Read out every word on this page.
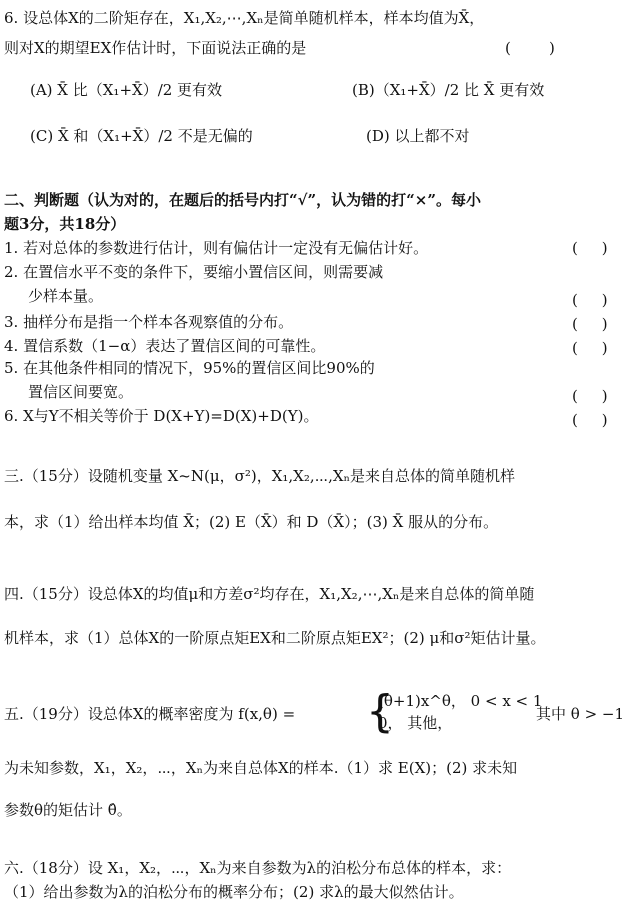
6. 设总体X的二阶矩存在，X₁,X₂,⋯,Xₙ是简单随机样本，样本均值为X̄，
则对X的期望EX作估计时，下面说法正确的是	(        )
(A) X̄ 比（X₁+X̄）/2 更有效	(B)（X₁+X̄）/2 比 X̄ 更有效
(C) X̄ 和（X₁+X̄）/2 不是无偏的	(D) 以上都不对
二、判断题（认为对的，在题后的括号内打“√”，认为错的打“×”。每小
题3分，共18分）
1. 若对总体的参数进行估计，则有偏估计一定没有无偏估计好。	(     )
2. 在置信水平不变的条件下，要缩小置信区间，则需要减
少样本量。	(     )
3. 抽样分布是指一个样本各观察值的分布。	(     )
4. 置信系数（1−α）表达了置信区间的可靠性。	(     )
5. 在其他条件相同的情况下，95%的置信区间比90%的
置信区间要宽。	(     )
6. X与Y不相关等价于 D(X+Y)=D(X)+D(Y)。	(     )
三.（15分）设随机变量 X~N(μ，σ²)，X₁,X₂,⋯,Xₙ是来自总体的简单随机样
本，求（1）给出样本均值 X̄；(2) E（X̄）和 D（X̄）；(3) X̄ 服从的分布。
四.（15分）设总体X的均值μ和方差σ²均存在，X₁,X₂,⋯,Xₙ是来自总体的简单随
机样本，求（1）总体X的一阶原点矩EX和二阶原点矩EX²；(2) μ和σ²矩估计量。
五.（19分）设总体X的概率密度为 f(x,θ) = {
(θ+1)x^θ， 0 < x < 1
0， 其他，	其中 θ > −1
为未知参数，X₁，X₂，⋯，Xₙ为来自总体X的样本.（1）求 E(X)；(2) 求未知
参数θ的矩估计 θ̂。
六.（18分）设 X₁，X₂，⋯，Xₙ为来自参数为λ的泊松分布总体的样本，求：
（1）给出参数为λ的泊松分布的概率分布；(2) 求λ的最大似然估计。
